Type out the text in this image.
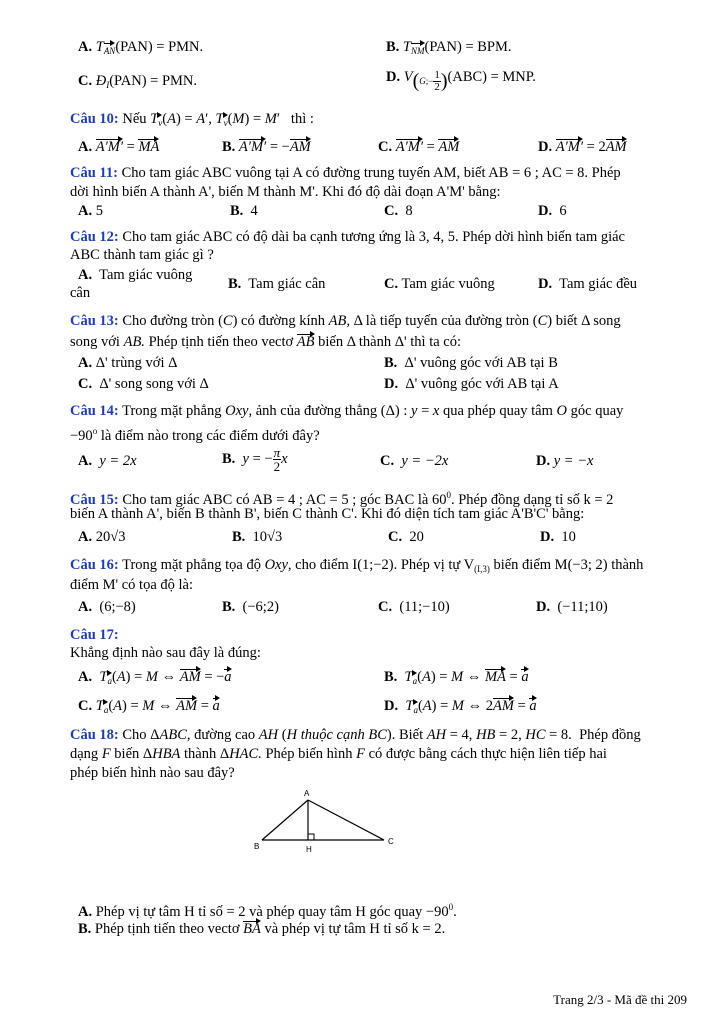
A. $T_{AN}(PAN)$ = PMN.	B. $T_{NM}(PAN)$ = BPM.
C. $Đ_I(PAN)$ = PMN.	D. $V_{(G;- \frac{1}{2} )}(ABC)$ = MNP.
Câu 10: Nếu $T_v(A) = A'$, $T_v(M) = M'$   thì :
A. A′M′ = MA	B. A′M′ = −AM	C. A′M′ = AM	D. A′M′ = 2AM
Câu 11: Cho tam giác ABC vuông tại A có đường trung tuyến AM, biết AB = 6 ; AC = 8. Phép
dời hình biến A thành A', biến M thành M'. Khi đó độ dài đoạn A'M' bằng:
A. 5	B. 4	C. 8	D. 6
Câu 12: Cho tam giác ABC có độ dài ba cạnh tương ứng là 3, 4, 5. Phép dời hình biến tam giác
ABC thành tam giác gì ?
A. Tam giác vuông
cân
B. Tam giác cân	C. Tam giác vuông	D. Tam giác đều
Câu 13: Cho đường tròn (C) có đường kính AB, Δ là tiếp tuyến của đường tròn (C) biết Δ song
song với AB. Phép tịnh tiến theo vectơ AB biến Δ thành Δ' thì ta có:
A. Δ' trùng với Δ	B. Δ' vuông góc với AB tại B
C. Δ' song song với Δ	D. Δ' vuông góc với AB tại A
Câu 14: Trong mặt phẳng Oxy, ảnh của đường thẳng (Δ) : y = x qua phép quay tâm O góc quay
$-90^o$ là điểm nào trong các điểm dưới đây?
A. y = 2x	B. y = − $\frac{\pi}{2}$ x	C. y = −2x	D. y = −x
Câu 15: Cho tam giác ABC có AB = 4 ; AC = 5 ; góc BAC là $60^0$. Phép đồng dạng tỉ số k = 2
biến A thành A', biến B thành B', biến C thành C'. Khi đó diện tích tam giác A'B'C' bằng:
A. 20√3	B. 10√3	C. 20	D. 10
Câu 16: Trong mặt phẳng tọa độ Oxy, cho điểm I(1;−2). Phép vị tự $V_{(I,3)}$ biến điểm M(−3; 2) thành
điểm M' có tọa độ là:
A. (6;−8)	B. (−6;2)	C. (11;−10)	D. (−11;10)
Câu 17:
Khẳng định nào sau đây là đúng:
A. $T_a(A) = M$ ⇔ AM = −a	B. $T_a(A) = M$ ⇔ MA = a
C. $T_a(A) = M$ ⇔ AM = a	D. $T_a(A) = M$ ⇔ 2AM = a
Câu 18: Cho ΔABC, đường cao AH (H thuộc cạnh BC). Biết AH = 4, HB = 2, HC = 8.  Phép đồng
dạng F biến ΔHBA thành ΔHAC. Phép biến hình F có được bằng cách thực hiện liên tiếp hai
phép biến hình nào sau đây?
A
B	H
C
A. Phép vị tự tâm H tỉ số = 2 và phép quay tâm H góc quay $-90^0$.
B. Phép tịnh tiến theo vectơ BA và phép vị tự tâm H tỉ số k = 2.
Trang 2/3 - Mã đề thi 209
